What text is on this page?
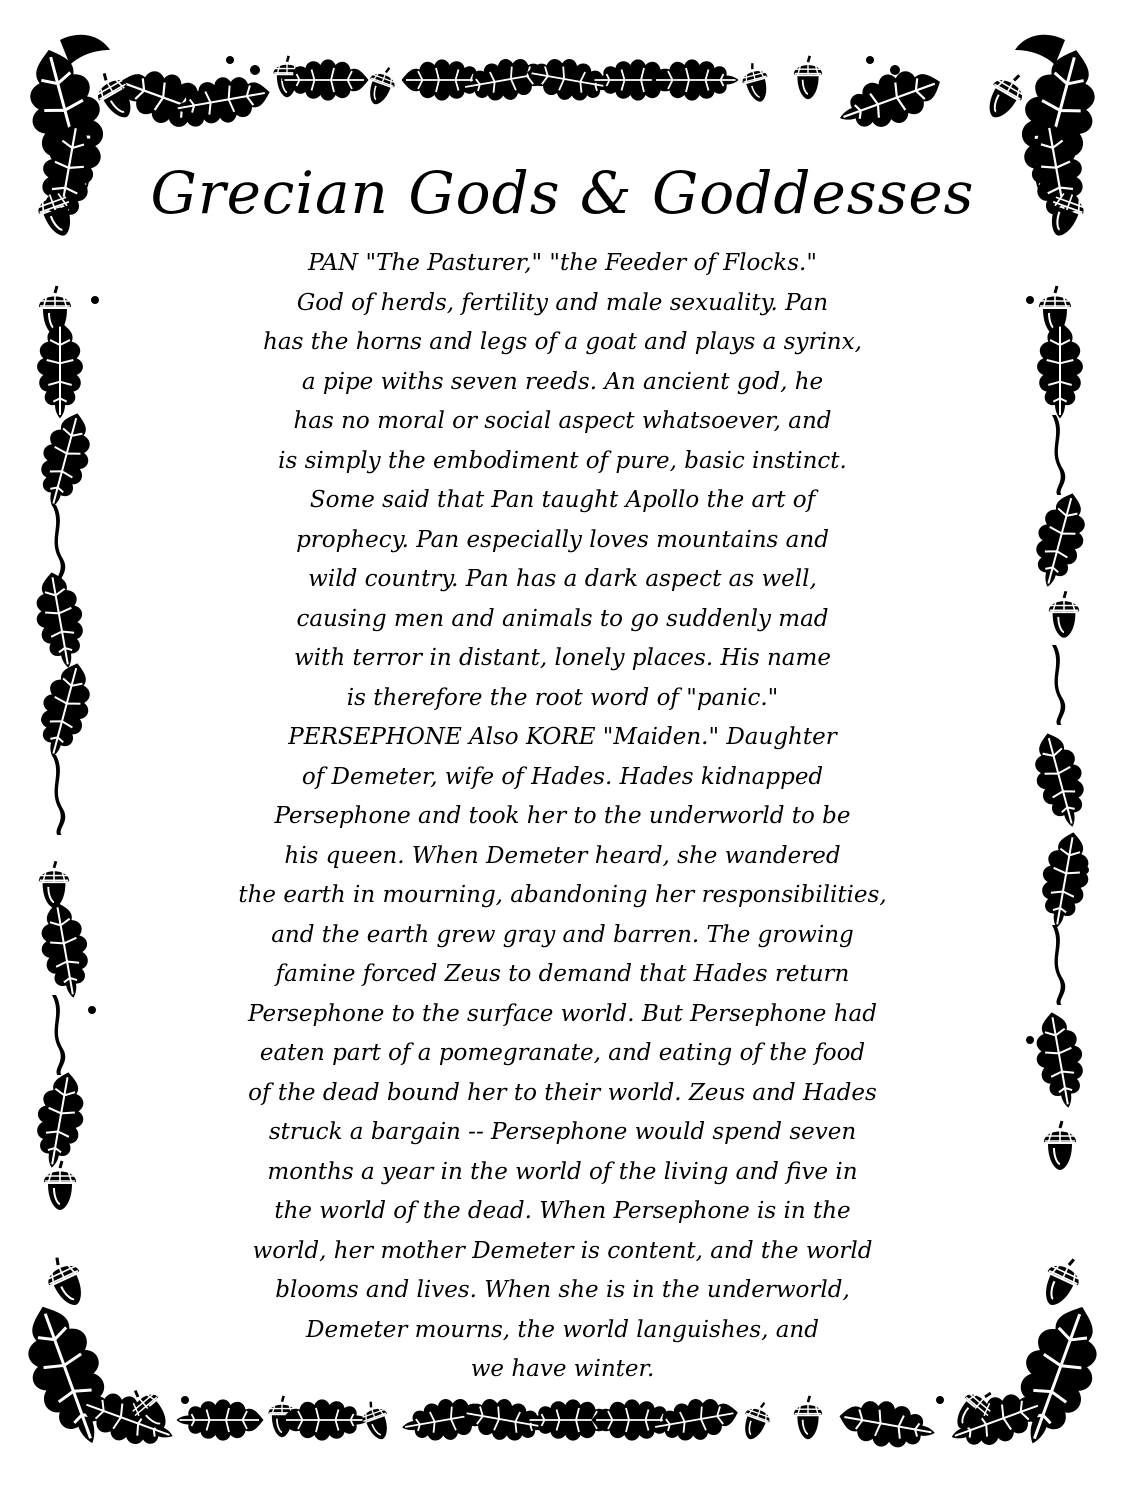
Grecian Gods & Goddesses
PAN "The Pasturer," "the Feeder of Flocks."
God of herds, fertility and male sexuality. Pan
has the horns and legs of a goat and plays a syrinx,
a pipe withs seven reeds. An ancient god, he
has no moral or social aspect whatsoever, and
is simply the embodiment of pure, basic instinct.
Some said that Pan taught Apollo the art of
prophecy. Pan especially loves mountains and
wild country. Pan has a dark aspect as well,
causing men and animals to go suddenly mad
with terror in distant, lonely places. His name
is therefore the root word of "panic."
PERSEPHONE Also KORE "Maiden." Daughter
of Demeter, wife of Hades. Hades kidnapped
Persephone and took her to the underworld to be
his queen. When Demeter heard, she wandered
the earth in mourning, abandoning her responsibilities,
and the earth grew gray and barren. The growing
famine forced Zeus to demand that Hades return
Persephone to the surface world. But Persephone had
eaten part of a pomegranate, and eating of the food
of the dead bound her to their world. Zeus and Hades
struck a bargain -- Persephone would spend seven
months a year in the world of the living and five in
the world of the dead. When Persephone is in the
world, her mother Demeter is content, and the world
blooms and lives. When she is in the underworld,
Demeter mourns, the world languishes, and
we have winter.
